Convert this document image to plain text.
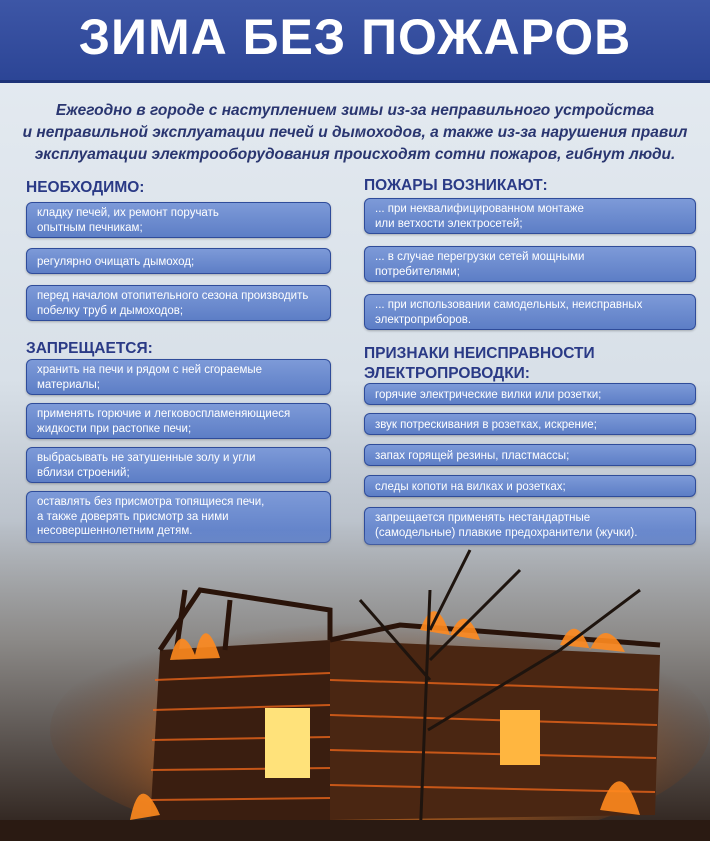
ЗИМА БЕЗ ПОЖАРОВ
Ежегодно в городе с наступлением зимы из-за неправильного устройства
и неправильной эксплуатации печей и дымоходов, а также из-за нарушения правил
эксплуатации электрооборудования происходят сотни пожаров, гибнут люди.
НЕОБХОДИМО:
кладку печей, их ремонт поручать
опытным печникам;
регулярно очищать дымоход;
перед началом отопительного сезона производить
побелку труб и дымоходов;
ЗАПРЕЩАЕТСЯ:
хранить на печи и рядом с ней сгораемые
материалы;
применять горючие и легковоспламеняющиеся
жидкости при растопке печи;
выбрасывать не затушенные золу и угли
вблизи строений;
оставлять без присмотра топящиеся печи,
а также доверять присмотр за ними
ПОЖАРЫ ВОЗНИКАЮТ:
... при неквалифицированном монтаже
или ветхости электросетей;
... в случае перегрузки сетей мощными
потребителями;
... при использовании самодельных, неисправных
электроприборов.
ПРИЗНАКИ НЕИСПРАВНОСТИ
ЭЛЕКТРОПРОВОДКИ:
горячие электрические вилки или розетки;
звук потрескивания в розетках, искрение;
запах горящей резины, пластмассы;
следы копоти на вилках и розетках;
запрещается применять нестандартные
